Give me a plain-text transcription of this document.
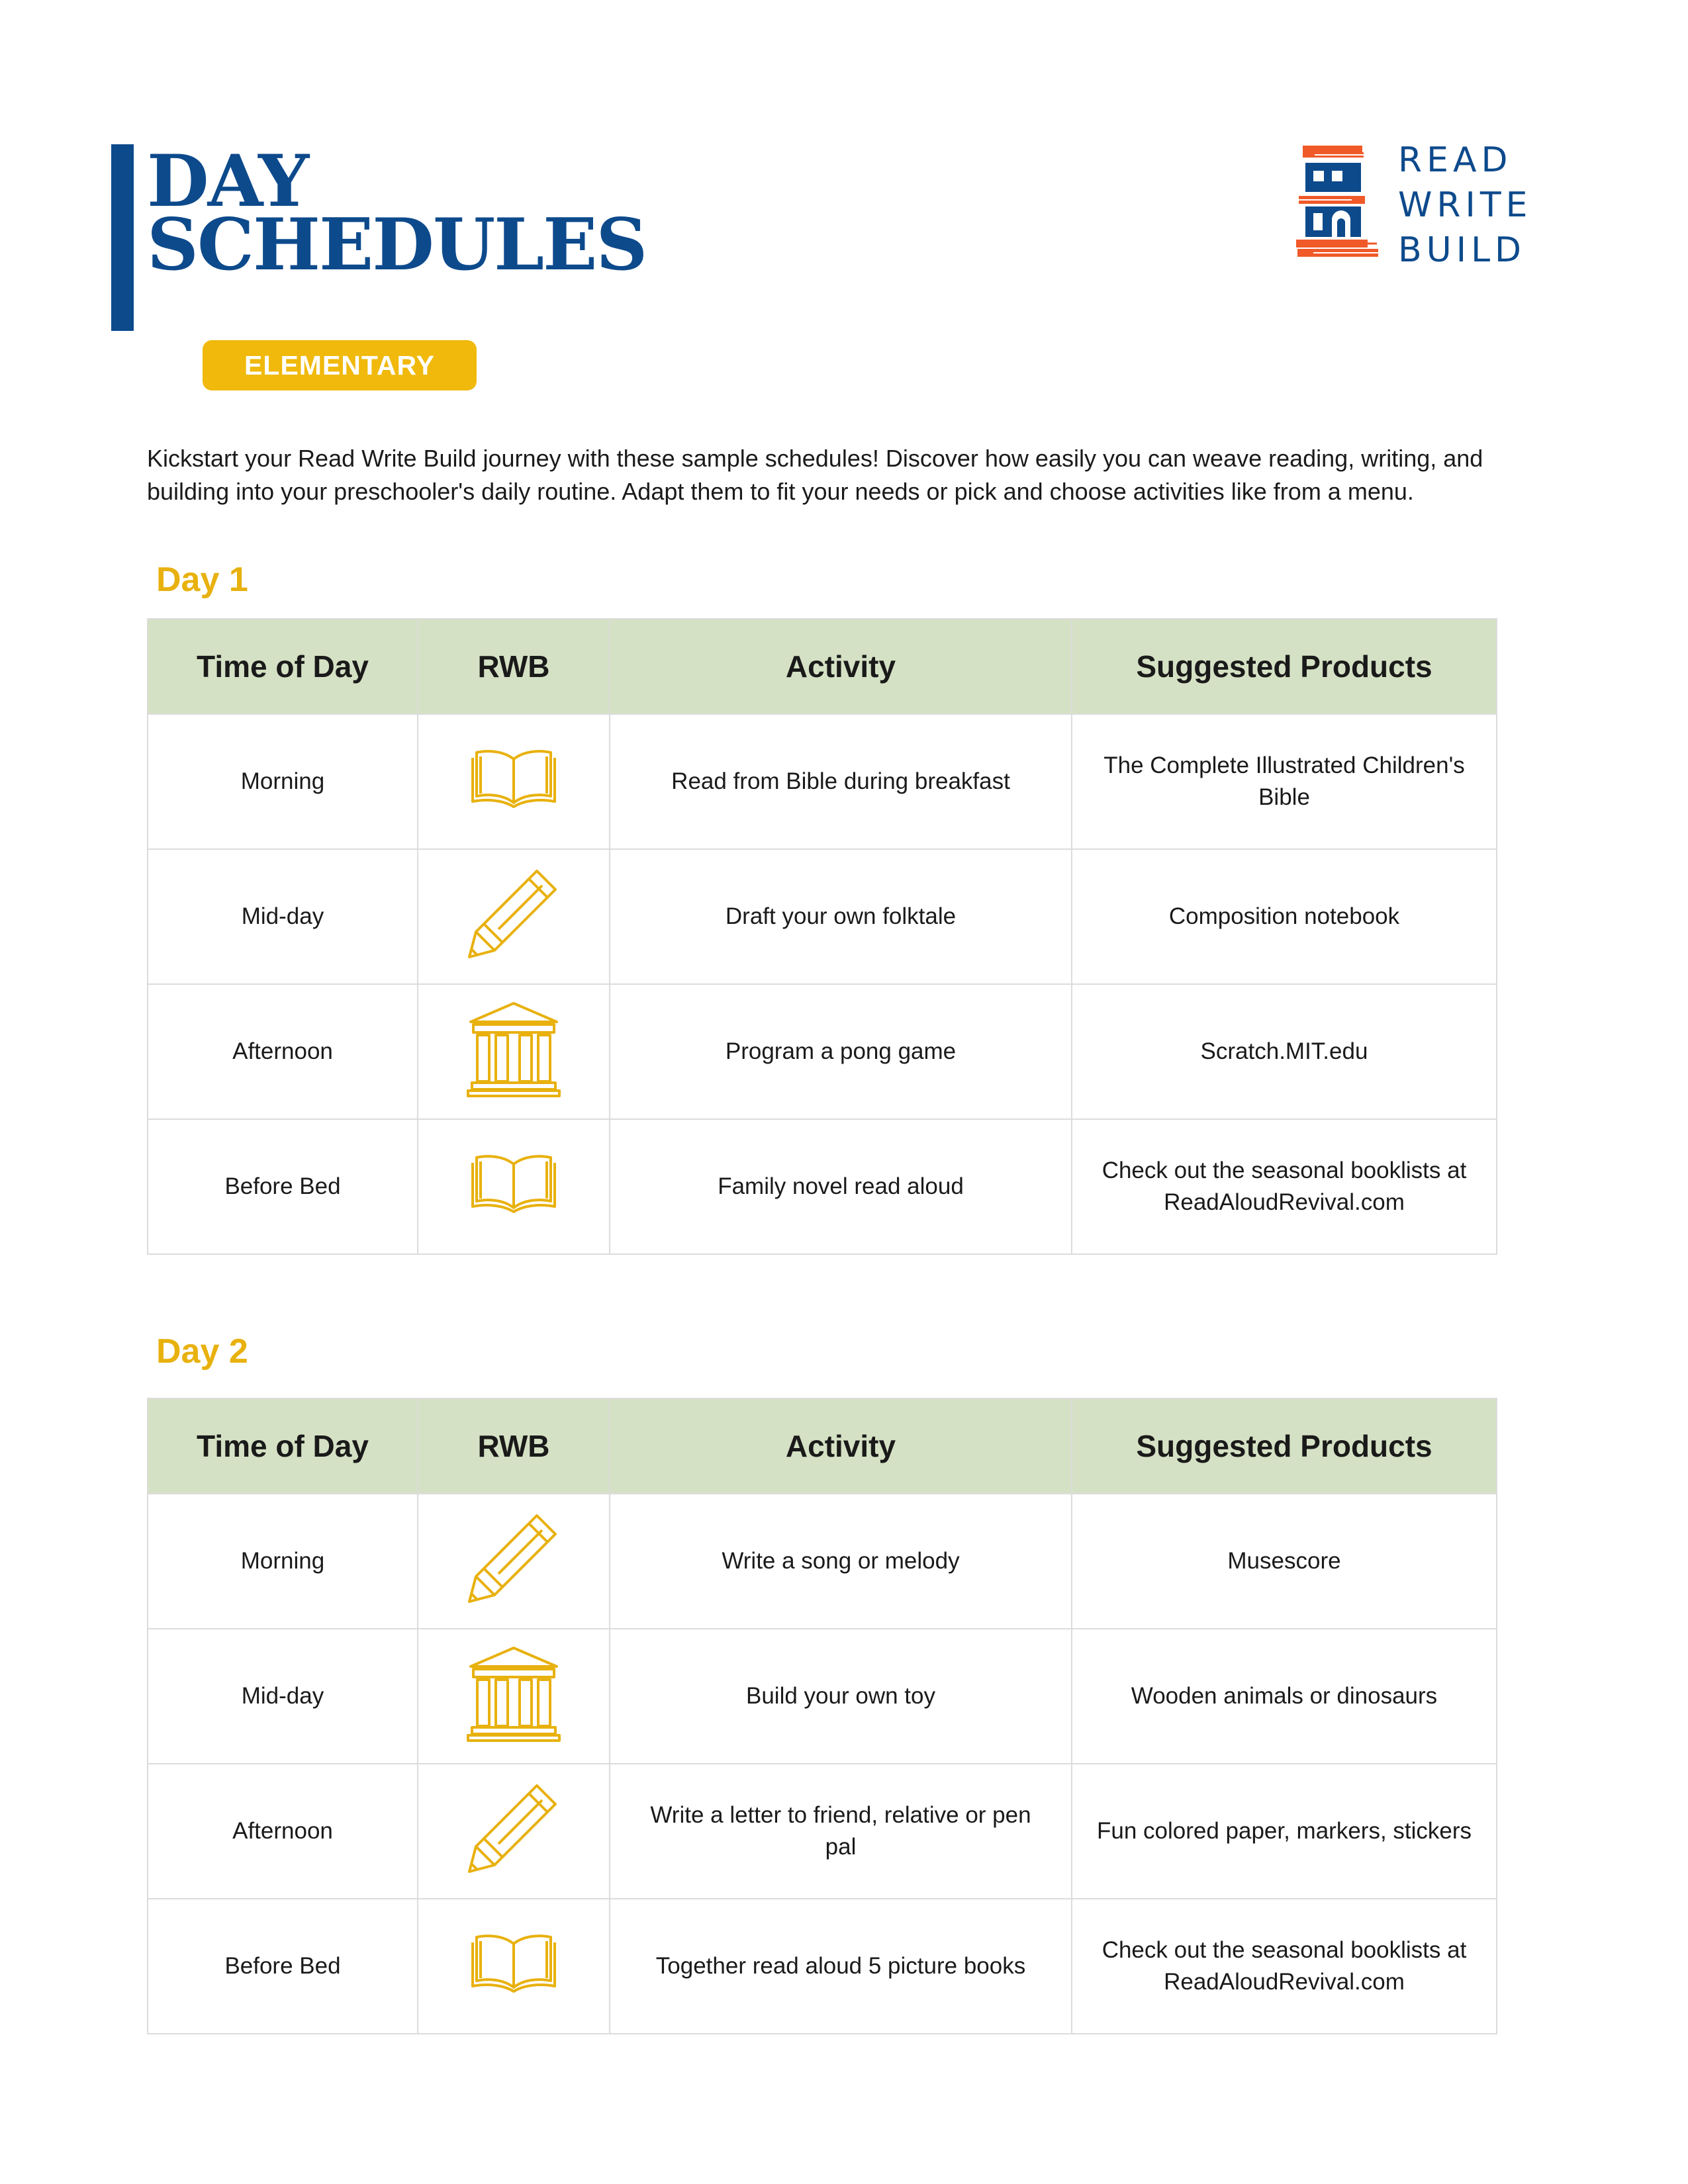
DAY
SCHEDULES
ELEMENTARY
READ
WRITE
BUILD

Kickstart your Read Write Build journey with these sample schedules! Discover how easily you can weave reading, writing, and building into your preschooler's daily routine. Adapt them to fit your needs or pick and choose activities like from a menu.

Day 1
Time of Day	RWB	Activity	Suggested Products
Morning		Read from Bible during breakfast	The Complete Illustrated Children's Bible
Mid-day		Draft your own folktale	Composition notebook
Afternoon		Program a pong game	Scratch.MIT.edu
Before Bed		Family novel read aloud	Check out the seasonal booklists at ReadAloudRevival.com
Day 2
Time of Day	RWB	Activity	Suggested Products
Morning		Write a song or melody	Musescore
Mid-day		Build your own toy	Wooden animals or dinosaurs
Afternoon		Write a letter to friend, relative or pen pal	Fun colored paper, markers, stickers
Before Bed		Together read aloud 5 picture books	Check out the seasonal booklists at ReadAloudRevival.com
